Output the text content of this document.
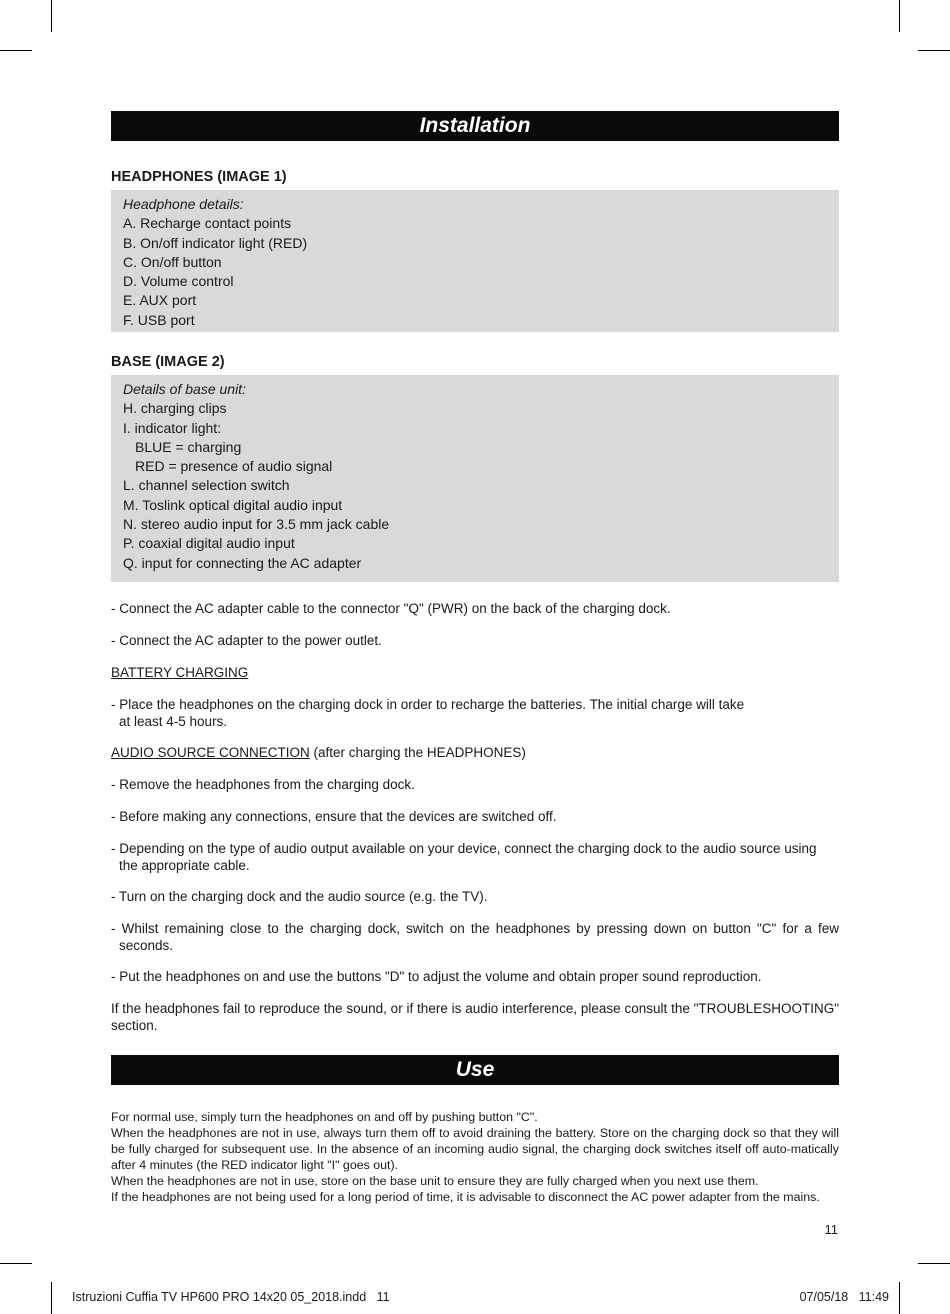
Installation
HEADPHONES (IMAGE 1)
Headphone details:
A. Recharge contact points
B. On/off indicator light (RED)
C. On/off button
D. Volume control
E. AUX port
F. USB port
BASE (IMAGE 2)
Details of base unit:
H. charging clips
I. indicator light:
BLUE = charging
RED = presence of audio signal
L. channel selection switch
M. Toslink optical digital audio input
N. stereo audio input for 3.5 mm jack cable
P. coaxial digital audio input
Q. input for connecting the AC adapter
- Connect the AC adapter cable to the connector "Q" (PWR) on the back of the charging dock.
- Connect the AC adapter to the power outlet.
BATTERY CHARGING
- Place the headphones on the charging dock in order to recharge the batteries. The initial charge will take
at least 4-5 hours.
AUDIO SOURCE CONNECTION (after charging the HEADPHONES)
- Remove the headphones from the charging dock.
- Before making any connections, ensure that the devices are switched off.
- Depending on the type of audio output available on your device, connect the charging dock to the audio source using
the appropriate cable.
- Turn on the charging dock and the audio source (e.g. the TV).
- Whilst remaining close to the charging dock, switch on the headphones by pressing down on button "C" for a few
seconds.
- Put the headphones on and use the buttons "D" to adjust the volume and obtain proper sound reproduction.
If the headphones fail to reproduce the sound, or if there is audio interference, please consult the "TROUBLESHOOTING"
section.
Use
For normal use, simply turn the headphones on and off by pushing button "C".
When the headphones are not in use, always turn them off to avoid draining the battery. Store on the charging dock so that they will be fully charged for subsequent use. In the absence of an incoming audio signal, the charging dock switches itself off auto-matically after 4 minutes (the RED indicator light "I" goes out).
When the headphones are not in use, store on the base unit to ensure they are fully charged when you next use them.
If the headphones are not being used for a long period of time, it is advisable to disconnect the AC power adapter from the mains.
11
Istruzioni Cuffia TV HP600 PRO 14x20 05_2018.indd   11	07/05/18   11:49
